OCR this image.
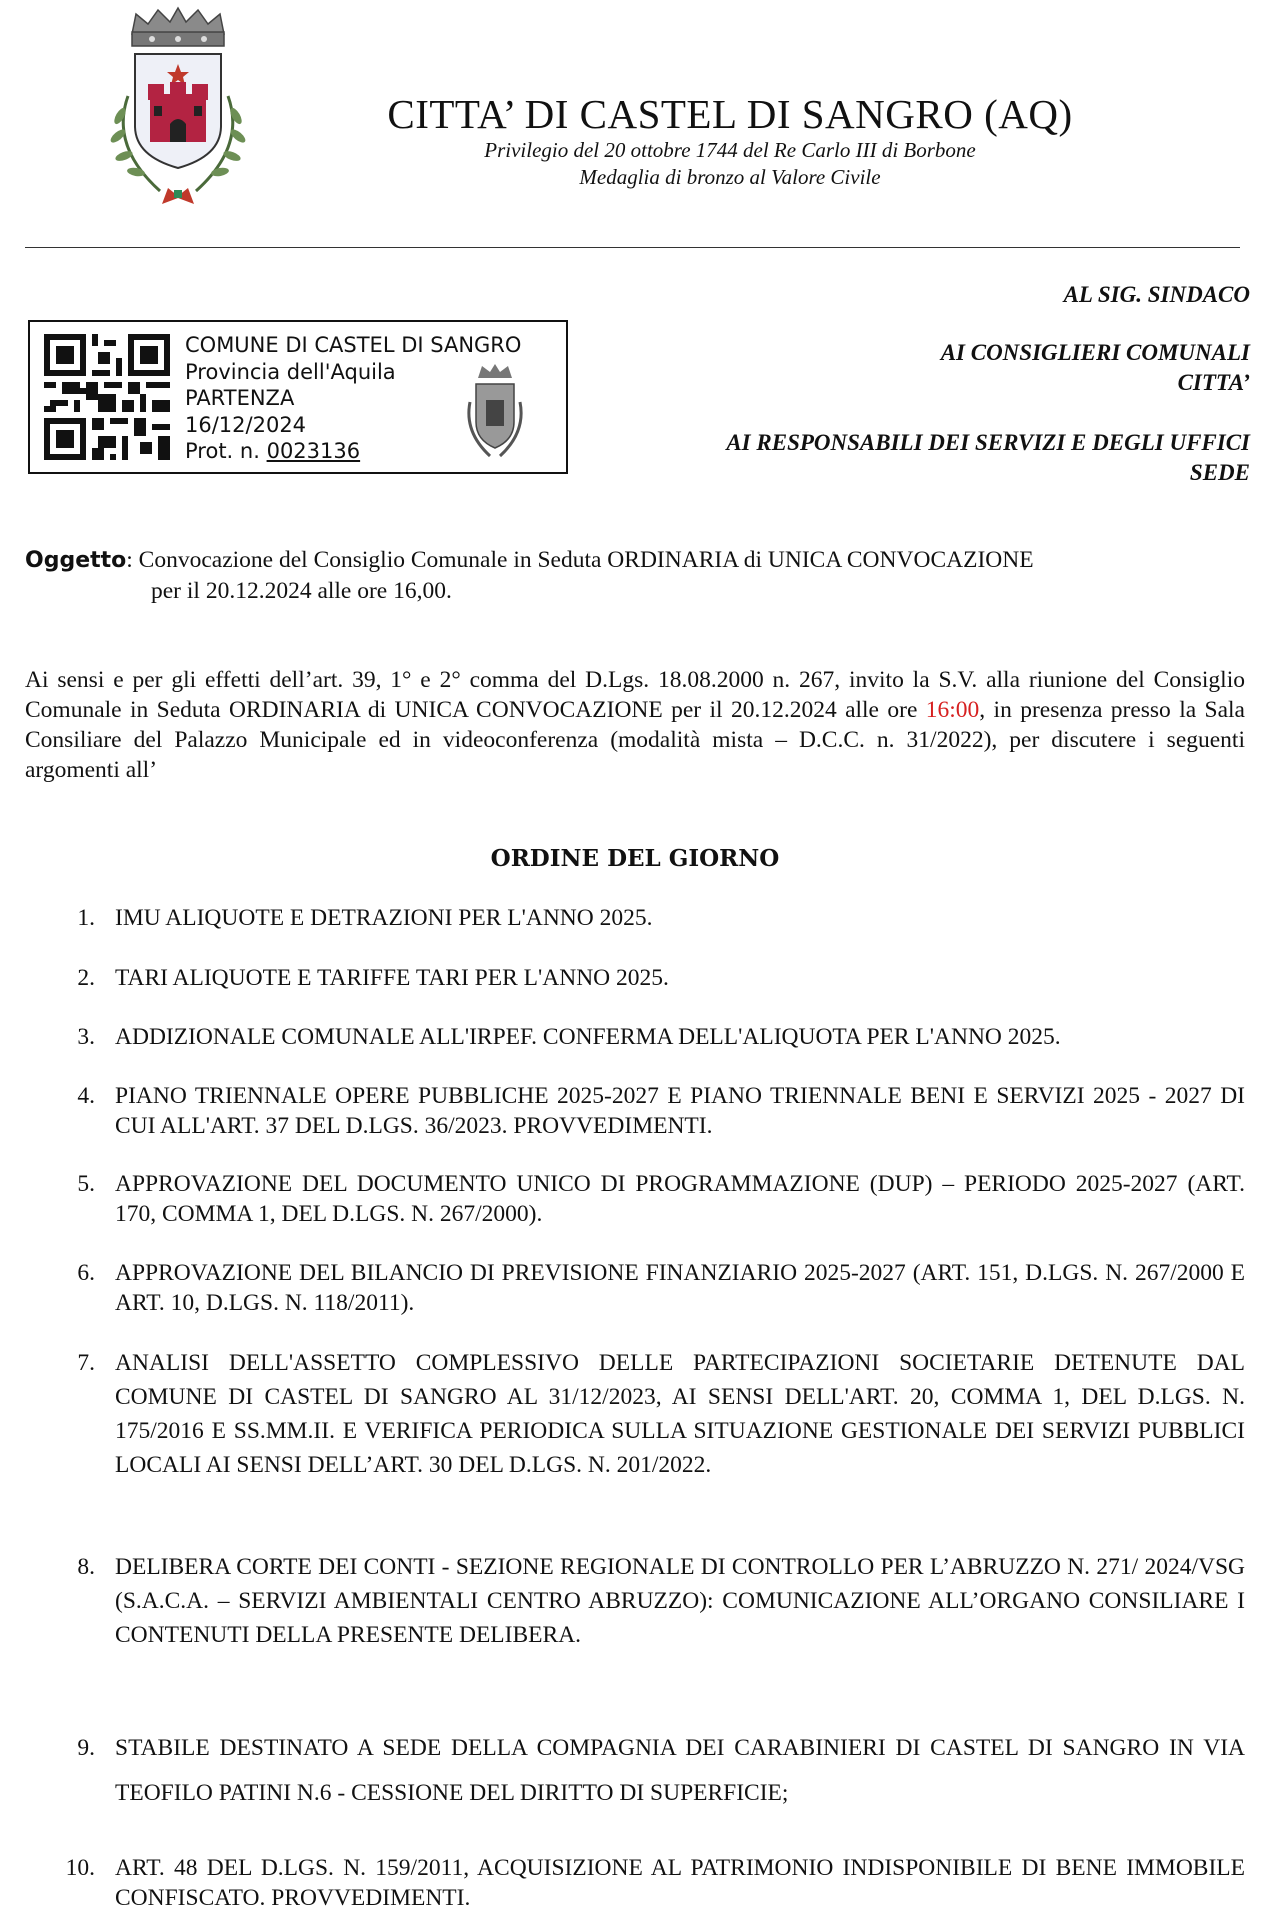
CITTA’ DI CASTEL DI SANGRO (AQ)
Privilegio del 20 ottobre 1744 del Re Carlo III di Borbone
Medaglia di bronzo al Valore Civile
AL SIG. SINDACO
AI CONSIGLIERI COMUNALI
CITTA’
AI RESPONSABILI DEI SERVIZI E DEGLI UFFICI
SEDE
COMUNE DI CASTEL DI SANGRO
Provincia dell'Aquila
PARTENZA
16/12/2024
Prot. n. 0023136
Oggetto: Convocazione del Consiglio Comunale in Seduta ORDINARIA di UNICA CONVOCAZIONE
per il 20.12.2024 alle ore 16,00.
Ai sensi e per gli effetti dell’art. 39, 1° e 2° comma del D.Lgs. 18.08.2000 n. 267, invito la S.V. alla riunione del Consiglio Comunale in Seduta ORDINARIA di UNICA CONVOCAZIONE per il 20.12.2024 alle ore 16:00, in presenza presso la Sala Consiliare del Palazzo Municipale ed in videoconferenza (modalità mista – D.C.C. n. 31/2022), per discutere i seguenti argomenti all’
ORDINE DEL GIORNO
1. IMU ALIQUOTE E DETRAZIONI PER L'ANNO 2025.
2. TARI ALIQUOTE E TARIFFE TARI PER L'ANNO 2025.
3. ADDIZIONALE COMUNALE ALL'IRPEF. CONFERMA DELL'ALIQUOTA PER L'ANNO 2025.
4. PIANO TRIENNALE OPERE PUBBLICHE 2025-2027 E PIANO TRIENNALE BENI E SERVIZI 2025 - 2027 DI CUI ALL'ART. 37 DEL D.LGS. 36/2023. PROVVEDIMENTI.
5. APPROVAZIONE DEL DOCUMENTO UNICO DI PROGRAMMAZIONE (DUP) – PERIODO 2025-2027 (ART. 170, COMMA 1, DEL D.LGS. N. 267/2000).
6. APPROVAZIONE DEL BILANCIO DI PREVISIONE FINANZIARIO 2025-2027 (ART. 151, D.LGS. N. 267/2000 E ART. 10, D.LGS. N. 118/2011).
7. ANALISI DELL'ASSETTO COMPLESSIVO DELLE PARTECIPAZIONI SOCIETARIE DETENUTE DAL COMUNE DI CASTEL DI SANGRO AL 31/12/2023, AI SENSI DELL'ART. 20, COMMA 1, DEL D.LGS. N. 175/2016 E SS.MM.II. E VERIFICA PERIODICA SULLA SITUAZIONE GESTIONALE DEI SERVIZI PUBBLICI LOCALI AI SENSI DELL’ART. 30 DEL D.LGS. N. 201/2022.
8. DELIBERA CORTE DEI CONTI - SEZIONE REGIONALE DI CONTROLLO PER L’ABRUZZO N. 271/ 2024/VSG (S.A.C.A. – SERVIZI AMBIENTALI CENTRO ABRUZZO): COMUNICAZIONE ALL’ORGANO CONSILIARE I CONTENUTI DELLA PRESENTE DELIBERA.
9. STABILE DESTINATO A SEDE DELLA COMPAGNIA DEI CARABINIERI DI CASTEL DI SANGRO IN VIA TEOFILO PATINI N.6 - CESSIONE DEL DIRITTO DI SUPERFICIE;
10. ART. 48 DEL D.LGS. N. 159/2011, ACQUISIZIONE AL PATRIMONIO INDISPONIBILE DI BENE IMMOBILE CONFISCATO. PROVVEDIMENTI.
